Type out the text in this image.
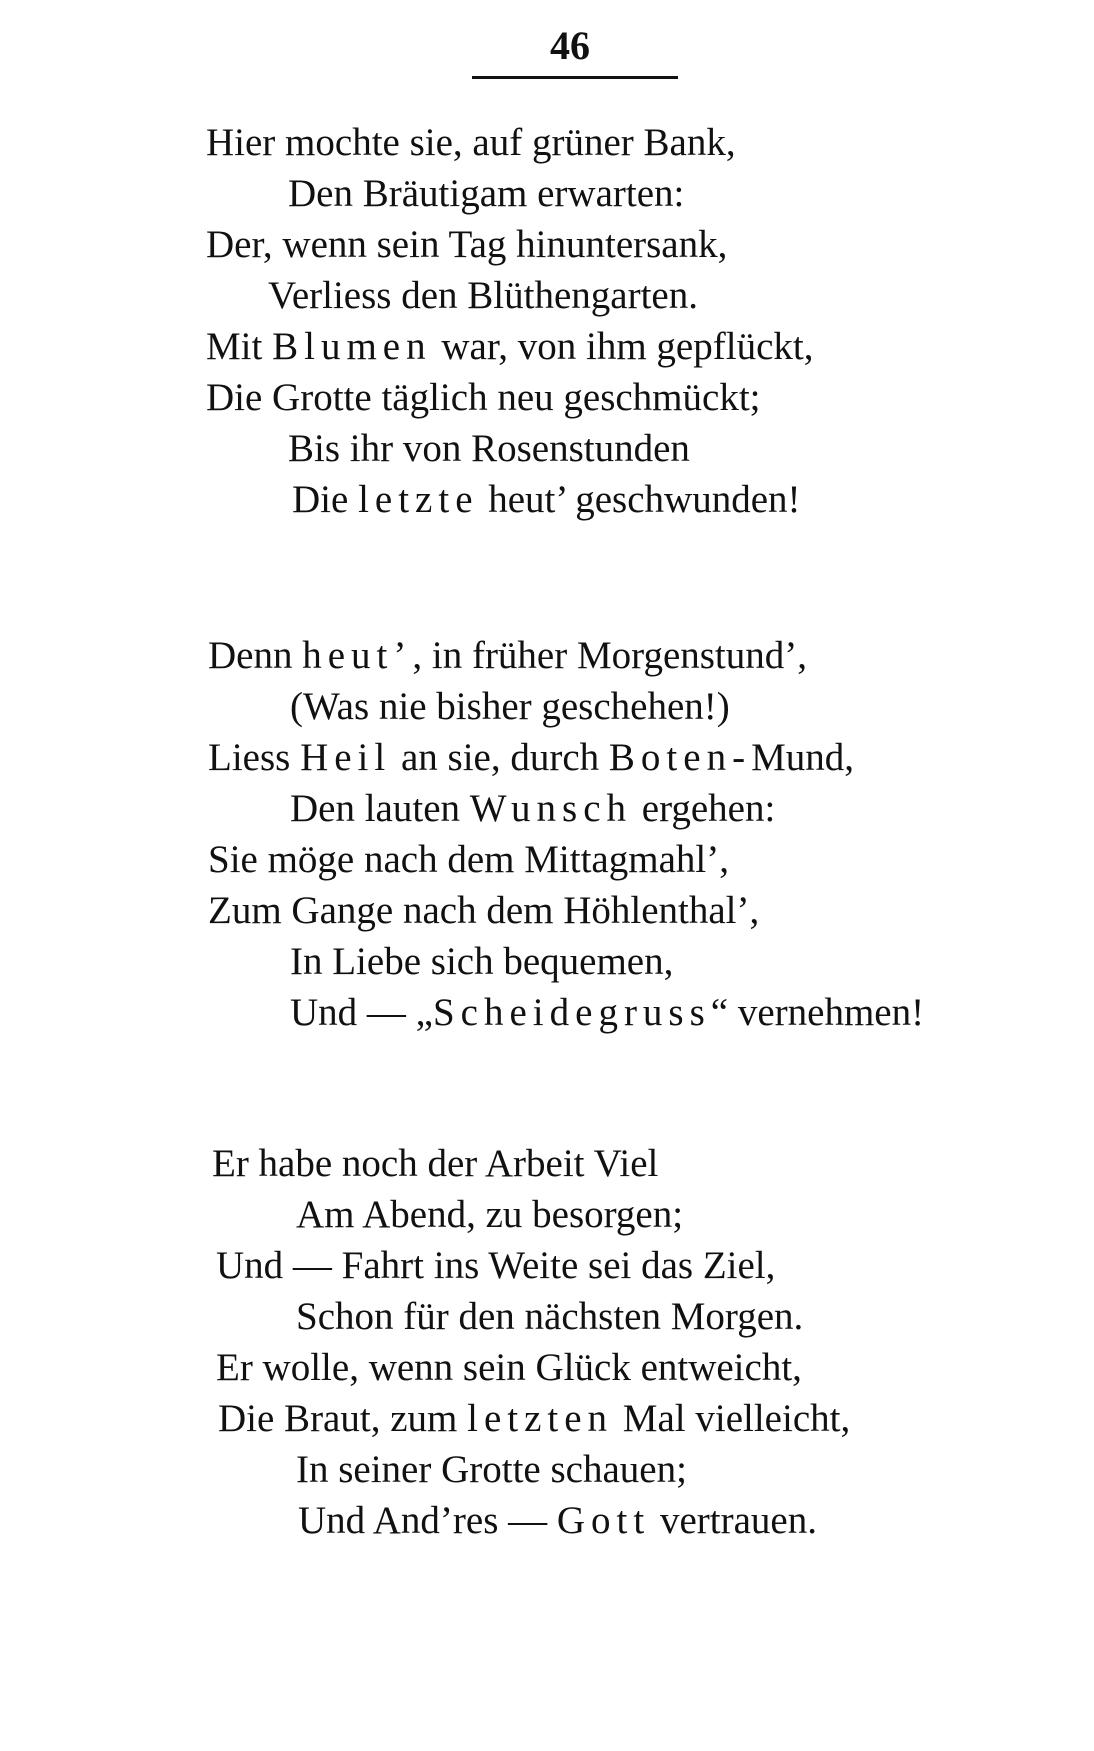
46
Hier mochte sie, auf grüner Bank,
Den Bräutigam erwarten:
Der, wenn sein Tag hinuntersank,
Verliess den Blüthengarten.
Mit Blumen war, von ihm gepflückt,
Die Grotte täglich neu geschmückt;
Bis ihr von Rosenstunden
Die letzte heut’ geschwunden!
Denn heut’, in früher Morgenstund’,
(Was nie bisher geschehen!)
Liess Heil an sie, durch Boten-Mund,
Den lauten Wunsch ergehen:
Sie möge nach dem Mittagmahl’,
Zum Gange nach dem Höhlenthal’,
In Liebe sich bequemen,
Und — „Scheidegruss“ vernehmen!
Er habe noch der Arbeit Viel
Am Abend, zu besorgen;
Und — Fahrt ins Weite sei das Ziel,
Schon für den nächsten Morgen.
Er wolle, wenn sein Glück entweicht,
Die Braut, zum letzten Mal vielleicht,
In seiner Grotte schauen;
Und And’res — Gott vertrauen.
